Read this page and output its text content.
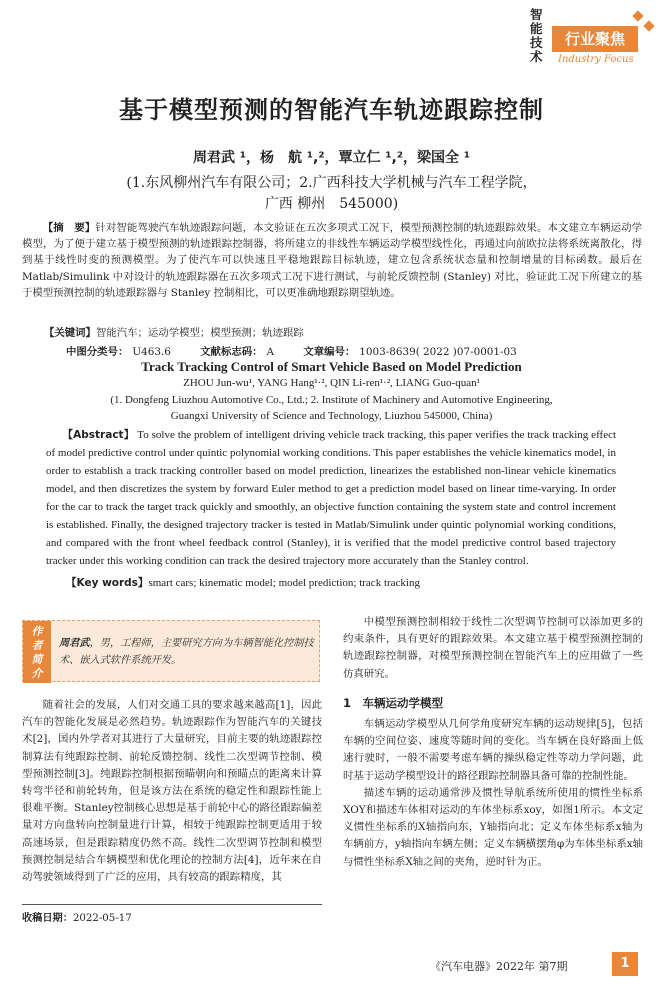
智能技术
行业聚焦
Industry Focus
基于模型预测的智能汽车轨迹跟踪控制
周君武 ¹，杨　航 ¹,²，覃立仁 ¹,²，梁国全 ¹
(1.东风柳州汽车有限公司；2.广西科技大学机械与汽车工程学院，
广西 柳州　545000)
【摘　要】针对智能驾驶汽车轨迹跟踪问题，本文验证在五次多项式工况下，模型预测控制的轨迹跟踪效果。本文建立车辆运动学模型，为了便于建立基于模型预测的轨迹跟踪控制器，将所建立的非线性车辆运动学模型线性化，再通过向前欧拉法将系统离散化，得到基于线性时变的预测模型。为了使汽车可以快速且平稳地跟踪目标轨迹，建立包含系统状态量和控制增量的目标函数。最后在 Matlab/Simulink 中对设计的轨迹跟踪器在五次多项式工况下进行测试，与前轮反馈控制 (Stanley) 对比，验证此工况下所建立的基于模型预测控制的轨迹跟踪器与 Stanley 控制相比，可以更准确地跟踪期望轨迹。
【关键词】智能汽车；运动学模型；模型预测；轨迹跟踪
中图分类号： U463.6	文献标志码： A	文章编号： 1003-8639( 2022 )07-0001-03
Track Tracking Control of Smart Vehicle Based on Model Prediction
ZHOU Jun-wu¹, YANG Hang¹·², QIN Li-ren¹·², LIANG Guo-quan¹
(1. Dongfeng Liuzhou Automotive Co., Ltd.; 2. Institute of Machinery and Automotive Engineering,
Guangxi University of Science and Technology, Liuzhou 545000, China)
【Abstract】 To solve the problem of intelligent driving vehicle track tracking, this paper verifies the track tracking effect of model predictive control under quintic polynomial working conditions. This paper establishes the vehicle kinematics model, in order to establish a track tracking controller based on model prediction, linearizes the established non-linear vehicle kinematics model, and then discretizes the system by forward Euler method to get a prediction model based on linear time-varying. In order for the car to track the target track quickly and smoothly, an objective function containing the system state and control increment is established. Finally, the designed trajectory tracker is tested in Matlab/Simulink under quintic polynomial working conditions, and compared with the front wheel feedback control (Stanley), it is verified that the model predictive control based trajectory tracker under this working condition can track the desired trajectory more accurately than the Stanley control.
【Key words】smart cars; kinematic model; model prediction; track tracking
作
者
简
介
周君武，男，工程师，主要研究方向为车辆智能化控制技术、嵌入式软件系统开发。
随着社会的发展，人们对交通工具的要求越来越高[1]，因此汽车的智能化发展是必然趋势。轨迹跟踪作为智能汽车的关键技术[2]，国内外学者对其进行了大量研究，目前主要的轨迹跟踪控制算法有纯跟踪控制、前轮反馈控制、线性二次型调节控制、模型预测控制[3]。纯跟踪控制根据预瞄朝向和预瞄点的距离来计算转弯半径和前轮转角，但是该方法在系统的稳定性和跟踪性能上很难平衡。Stanley控制核心思想是基于前轮中心的路径跟踪偏差量对方向盘转向控制量进行计算，相较于纯跟踪控制更适用于较高速场景，但是跟踪精度仍然不高。线性二次型调节控制和模型预测控制是结合车辆模型和优化理论的控制方法[4]，近年来在自动驾驶领域得到了广泛的应用，具有较高的跟踪精度，其

中模型预测控制相较于线性二次型调节控制可以添加更多的约束条件，具有更好的跟踪效果。本文建立基于模型预测控制的轨迹跟踪控制器，对模型预测控制在智能汽车上的应用做了一些仿真研究。

1　车辆运动学模型

车辆运动学模型从几何学角度研究车辆的运动规律[5]，包括车辆的空间位姿、速度等随时间的变化。当车辆在良好路面上低速行驶时，一般不需要考虑车辆的操纵稳定性等动力学问题，此时基于运动学模型设计的路径跟踪控制器具备可靠的控制性能。

描述车辆的运动通常涉及惯性导航系统所使用的惯性坐标系XOY和描述车体相对运动的车体坐标系xoy，如图1所示。本文定义惯性坐标系的X轴指向东，Y轴指向北；定义车体坐标系x轴为车辆前方，y轴指向车辆左侧；定义车辆横摆角φ为车体坐标系x轴与惯性坐标系X轴之间的夹角，逆时针为正。

收稿日期：2022-05-17
《汽车电器》2022年 第7期	1
